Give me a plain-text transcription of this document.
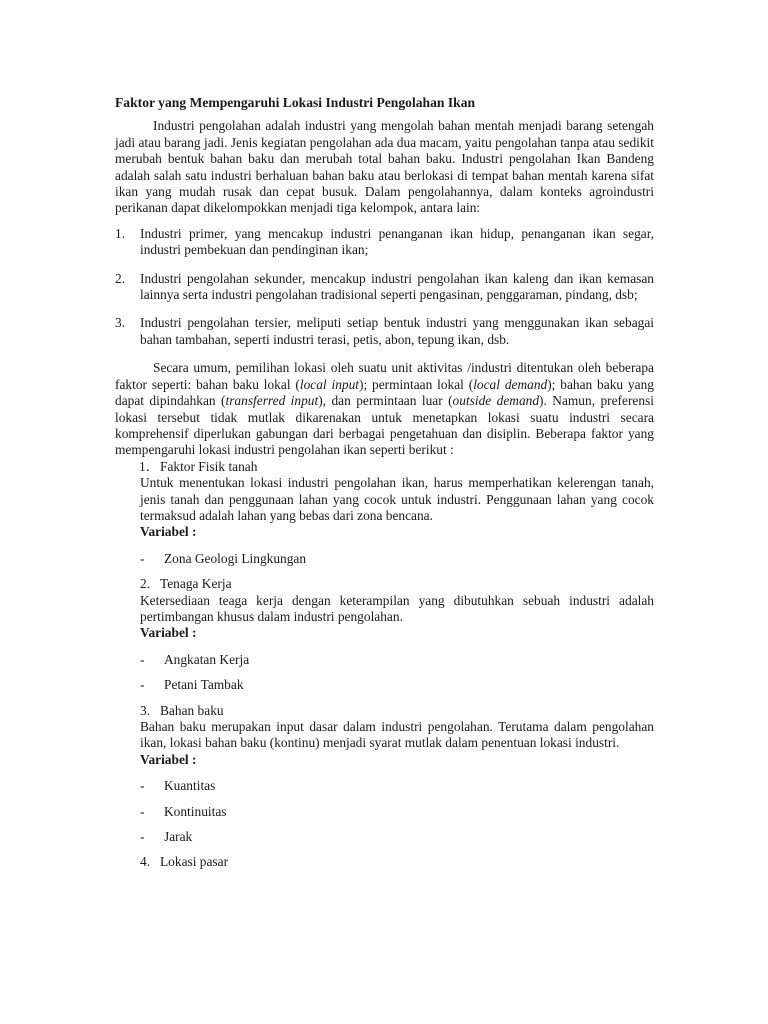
Faktor yang Mempengaruhi Lokasi Industri Pengolahan Ikan

Industri pengolahan adalah industri yang mengolah bahan mentah menjadi barang setengah jadi atau barang jadi. Jenis kegiatan pengolahan ada dua macam, yaitu pengolahan tanpa atau sedikit merubah bentuk bahan baku dan merubah total bahan baku. Industri pengolahan Ikan Bandeng adalah salah satu industri berhaluan bahan baku atau berlokasi di tempat bahan mentah karena sifat ikan yang mudah rusak dan cepat busuk. Dalam pengolahannya, dalam konteks agroindustri perikanan dapat dikelompokkan menjadi tiga kelompok, antara lain:

1. Industri primer, yang mencakup industri penanganan ikan hidup, penanganan ikan segar, industri pembekuan dan pendinginan ikan;
2. Industri pengolahan sekunder, mencakup industri pengolahan ikan kaleng dan ikan kemasan lainnya serta industri pengolahan tradisional seperti pengasinan, penggaraman, pindang, dsb;
3. Industri pengolahan tersier, meliputi setiap bentuk industri yang menggunakan ikan sebagai bahan tambahan, seperti industri terasi, petis, abon, tepung ikan, dsb.

Secara umum, pemilihan lokasi oleh suatu unit aktivitas /industri ditentukan oleh beberapa faktor seperti: bahan baku lokal (local input); permintaan lokal (local demand); bahan baku yang dapat dipindahkan (transferred input), dan permintaan luar (outside demand). Namun, preferensi lokasi tersebut tidak mutlak dikarenakan untuk menetapkan lokasi suatu industri secara komprehensif diperlukan gabungan dari berbagai pengetahuan dan disiplin. Beberapa faktor yang mempengaruhi lokasi industri pengolahan ikan seperti berikut :

1． Faktor Fisik tanah
Untuk menentukan lokasi industri pengolahan ikan, harus memperhatikan kelerengan tanah, jenis tanah dan penggunaan lahan yang cocok untuk industri. Penggunaan lahan yang cocok termaksud adalah lahan yang bebas dari zona bencana.
Variabel :
- Zona Geologi Lingkungan
2. Tenaga Kerja
Ketersediaan teaga kerja dengan keterampilan yang dibutuhkan sebuah industri adalah pertimbangan khusus dalam industri pengolahan.
Variabel :
- Angkatan Kerja
- Petani Tambak
3. Bahan baku
Bahan baku merupakan input dasar dalam industri pengolahan. Terutama dalam pengolahan ikan, lokasi bahan baku (kontinu) menjadi syarat mutlak dalam penentuan lokasi industri.
Variabel :
- Kuantitas
- Kontinuitas
- Jarak
4. Lokasi pasar
